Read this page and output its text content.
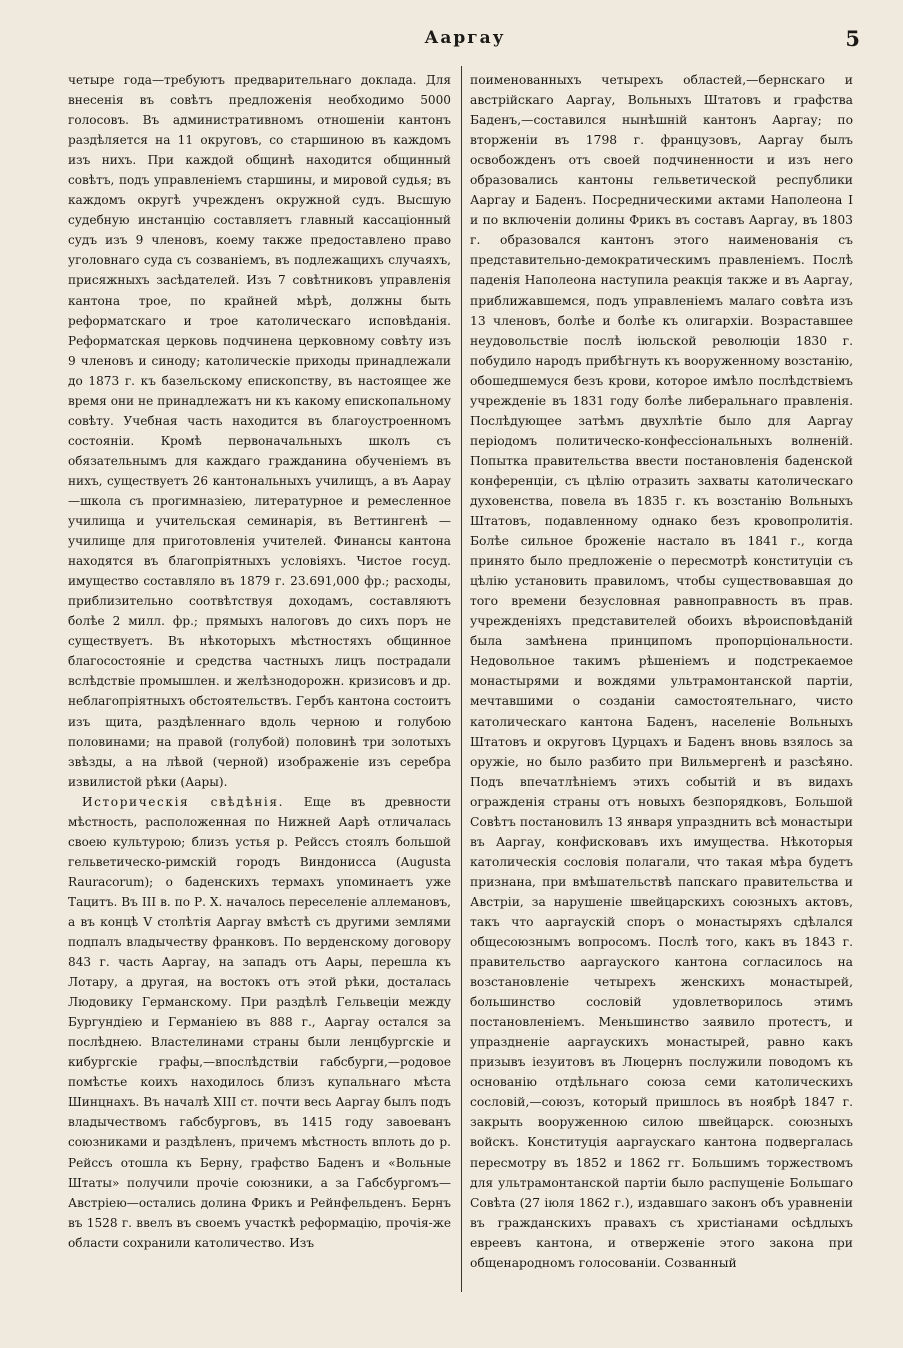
Ааргау	5

четыре года—требуютъ предварительнаго доклада. Для внесенія въ совѣтъ предложенія необходимо 5000 голосовъ. Въ административномъ отношеніи кантонъ раздѣляется на 11 округовъ, со старшиною въ каждомъ изъ нихъ. При каждой общинѣ находится общинный совѣтъ, подъ управленіемъ старшины, и мировой судья; въ каждомъ округѣ учрежденъ окружной судъ. Высшую судебную инстанцію составляетъ главный кассаціонный судъ изъ 9 членовъ, коему также предоставлено право уголовнаго суда съ созваніемъ, въ подлежащихъ случаяхъ, присяжныхъ засѣдателей. Изъ 7 совѣтниковъ управленія кантона трое, по крайней мѣрѣ, должны быть реформатскаго и трое католическаго исповѣданія. Реформатская церковь подчинена церковному совѣту изъ 9 членовъ и синоду; католическіе приходы принадлежали до 1873 г. къ базельскому епископству, въ настоящее же время они не принадлежатъ ни къ какому епископальному совѣту. Учебная часть находится въ благоустроенномъ состояніи. Кромѣ первоначальныхъ школъ съ обязательнымъ для каждаго гражданина обученіемъ въ нихъ, существуетъ 26 кантональныхъ училищъ, а въ Аарау—школа съ прогимназіею, литературное и ремесленное училища и учительская семинарія, въ Веттингенѣ — училище для приготовленія учителей. Финансы кантона находятся въ благопріятныхъ условіяхъ. Чистое госуд. имущество составляло въ 1879 г. 23.691,000 фр.; расходы, приблизительно соотвѣтствуя доходамъ, составляютъ болѣе 2 милл. фр.; прямыхъ налоговъ до сихъ поръ не существуетъ. Въ нѣкоторыхъ мѣстностяхъ общинное благосостояніе и средства частныхъ лицъ пострадали вслѣдствіе промышлен. и желѣзнодорожн. кризисовъ и др. неблагопріятныхъ обстоятельствъ. Гербъ кантона состоитъ изъ щита, раздѣленнаго вдоль черною и голубою половинами; на правой (голубой) половинѣ три золотыхъ звѣзды, а на лѣвой (черной) изображеніе изъ серебра извилистой рѣки (Аары).

Историческія свѣдѣнія. Еще въ древности мѣстность, расположенная по Нижней Аарѣ отличалась своею культурою; близъ устья р. Рейссъ стоялъ большой гельветическо-римскій городъ Виндонисса (Augusta Rauracorum); о баденскихъ термахъ упоминаетъ уже Тацитъ. Въ III в. по Р. X. началось переселеніе аллемановъ, а въ концѣ V столѣтія Ааргау вмѣстѣ съ другими землями подпалъ владычеству франковъ. По верденскому договору 843 г. часть Ааргау, на западъ отъ Аары, перешла къ Лотару, а другая, на востокъ отъ этой рѣки, досталась Людовику Германскому. При раздѣлѣ Гельвеціи между Бургундіею и Германіею въ 888 г., Ааргау остался за послѣднею. Властелинами страны были ленцбургскіе и кибургскіе графы,—впослѣдствіи габсбурги,—родовое помѣстье коихъ находилось близъ купальнаго мѣста Шинцнахъ. Въ началѣ XIII ст. почти весь Ааргау былъ подъ владычествомъ габсбурговъ, въ 1415 году завоеванъ союзниками и раздѣленъ, причемъ мѣстность вплоть до р. Рейссъ отошла къ Берну, графство Баденъ и «Вольные Штаты» получили прочіе союзники, а за Габсбургомъ—Австріею—остались долина Фрикъ и Рейнфельденъ. Бернъ въ 1528 г. ввелъ въ своемъ участкѣ реформацію, прочія-же области сохранили католичество. Изъ

поименованныхъ четырехъ областей,—бернскаго и австрійскаго Ааргау, Вольныхъ Штатовъ и графства Баденъ,—составился нынѣшній кантонъ Ааргау; по вторженіи въ 1798 г. французовъ, Ааргау былъ освобожденъ отъ своей подчиненности и изъ него образовались кантоны гельветической республики Ааргау и Баденъ. Посредническими актами Наполеона I и по включеніи долины Фрикъ въ составъ Ааргау, въ 1803 г. образовался кантонъ этого наименованія съ представительно-демократическимъ правленіемъ. Послѣ паденія Наполеона наступила реакція также и въ Ааргау, приближавшемся, подъ управленіемъ малаго совѣта изъ 13 членовъ, болѣе и болѣе къ олигархіи. Возраставшее неудовольствіе послѣ іюльской революціи 1830 г. побудило народъ прибѣгнуть къ вооруженному возстанію, обошедшемуся безъ крови, которое имѣло послѣдствіемъ учрежденіе въ 1831 году болѣе либеральнаго правленія. Послѣдующее затѣмъ двухлѣтіе было для Ааргау періодомъ политическо-конфессіональныхъ волненій. Попытка правительства ввести постановленія баденской конференціи, съ цѣлію отразить захваты католическаго духовенства, повела въ 1835 г. къ возстанію Вольныхъ Штатовъ, подавленному однако безъ кровопролитія. Болѣе сильное броженіе настало въ 1841 г., когда принято было предложеніе о пересмотрѣ конституціи съ цѣлію установить правиломъ, чтобы существовавшая до того времени безусловная равноправность въ прав. учрежденіяхъ представителей обоихъ вѣроисповѣданій была замѣнена принципомъ пропорціональности. Недовольное такимъ рѣшеніемъ и подстрекаемое монастырями и вождями ультрамонтанской партіи, мечтавшими о созданіи самостоятельнаго, чисто католическаго кантона Баденъ, населеніе Вольныхъ Штатовъ и округовъ Цурцахъ и Баденъ вновь взялось за оружіе, но было разбито при Вильмергенѣ и разсѣяно. Подъ впечатлѣніемъ этихъ событій и въ видахъ огражденія страны отъ новыхъ безпорядковъ, Большой Совѣтъ постановилъ 13 января упразднить всѣ монастыри въ Ааргау, конфисковавъ ихъ имущества. Нѣкоторыя католическія сословія полагали, что такая мѣра будетъ признана, при вмѣшательствѣ папскаго правительства и Австріи, за нарушеніе швейцарскихъ союзныхъ актовъ, такъ что ааргаускій споръ о монастыряхъ сдѣлался общесоюзнымъ вопросомъ. Послѣ того, какъ въ 1843 г. правительство ааргауского кантона согласилось на возстановленіе четырехъ женскихъ монастырей, большинство сословій удовлетворилось этимъ постановленіемъ. Меньшинство заявило протестъ, и упраздненіе ааргаускихъ монастырей, равно какъ призывъ іезуитовъ въ Люцернъ послужили поводомъ къ основанію отдѣльнаго союза семи католическихъ сословій,—союзъ, который пришлось въ ноябрѣ 1847 г. закрыть вооруженною силою швейцарск. союзныхъ войскъ. Конституція ааргаускаго кантона подвергалась пересмотру въ 1852 и 1862 гг. Большимъ торжествомъ для ультрамонтанской партіи было распущеніе Большаго Совѣта (27 іюля 1862 г.), издавшаго законъ объ уравненіи въ гражданскихъ правахъ съ христіанами осѣдлыхъ евреевъ кантона, и отверженіе этого закона при общенародномъ голосованіи. Созванный
